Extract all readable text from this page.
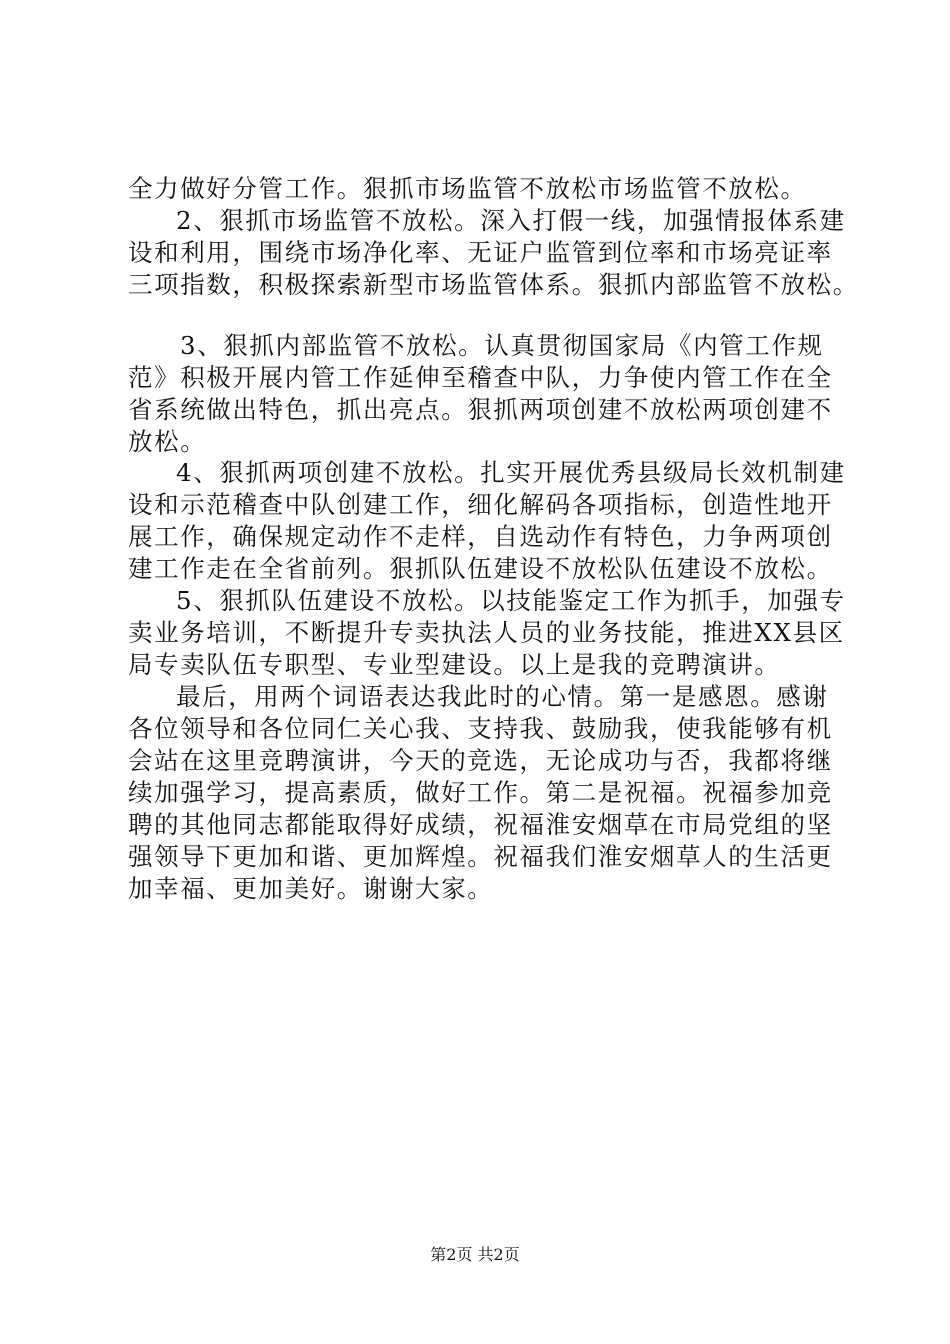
全力做好分管工作。狠抓市场监管不放松市场监管不放松。
2、狠抓市场监管不放松。深入打假一线，加强情报体系建
设和利用，围绕市场净化率、无证户监管到位率和市场亮证率
三项指数，积极探索新型市场监管体系。狠抓内部监管不放松。
3、狠抓内部监管不放松。认真贯彻国家局《内管工作规
范》积极开展内管工作延伸至稽查中队，力争使内管工作在全
省系统做出特色，抓出亮点。狠抓两项创建不放松两项创建不
放松。
4、狠抓两项创建不放松。扎实开展优秀县级局长效机制建
设和示范稽查中队创建工作，细化解码各项指标，创造性地开
展工作，确保规定动作不走样，自选动作有特色，力争两项创
建工作走在全省前列。狠抓队伍建设不放松队伍建设不放松。
5、狠抓队伍建设不放松。以技能鉴定工作为抓手，加强专
卖业务培训，不断提升专卖执法人员的业务技能，推进XX县区
局专卖队伍专职型、专业型建设。以上是我的竞聘演讲。
最后，用两个词语表达我此时的心情。第一是感恩。感谢
各位领导和各位同仁关心我、支持我、鼓励我，使我能够有机
会站在这里竞聘演讲，今天的竞选，无论成功与否，我都将继
续加强学习，提高素质，做好工作。第二是祝福。祝福参加竞
聘的其他同志都能取得好成绩，祝福淮安烟草在市局党组的坚
强领导下更加和谐、更加辉煌。祝福我们淮安烟草人的生活更
加幸福、更加美好。谢谢大家。
第2页 共2页
